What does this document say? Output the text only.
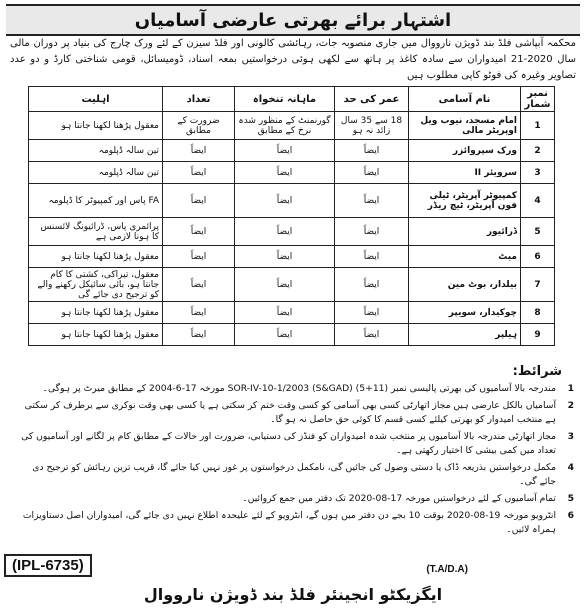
اشتہار برائے بھرتی عارضی آسامیاں
محکمہ آبپاشی فلڈ بند ڈویژن نارووال میں جاری منصوبہ جات، رہائشی کالونی اور فلڈ سیزن کے لئے ورک چارج کی بنیاد پر دوران مالی سال 2020-21 امیدواران سے سادہ کاغذ پر ہاتھ سے لکھی ہوئی درخواستیں بمعہ اسناد، ڈومیسائل، قومی شناختی کارڈ و دو عدد تصاویر وغیرہ کی فوٹو کاپی مطلوب ہیں
نمبر شمار	نام آسامی	عمر کی حد	ماہانہ تنخواہ	تعداد	اہلیت
1	امام مسجد، نیوب ویل اوپریٹر مالی	18 سے 35 سال زائد نہ ہو	گورنمنٹ کے منظور شدہ نرخ کے مطابق	ضرورت کے مطابق	معقول پڑھنا لکھنا جانتا ہو
2	ورک سپروائزر	ایضاً	ایضاً	ایضاً	تین سالہ ڈپلومہ
3	سرویئر II	ایضاً	ایضاً	ایضاً	تین سالہ ڈپلومہ
4	کمپیوٹر آپریٹر، ٹیلی فون آپریٹر، ٹیچ ریڈر	ایضاً	ایضاً	ایضاً	FA پاس اور کمپیوٹر کا ڈپلومہ
5	ڈرائیور	ایضاً	ایضاً	ایضاً	پرائمری پاس، ڈرائیونگ لائسنس کا ہونا لازمی ہے
6	میٹ	ایضاً	ایضاً	ایضاً	معقول پڑھنا لکھنا جانتا ہو
7	بیلدار، بوٹ مین	ایضاً	ایضاً	ایضاً	معقول، تیراکی، کشتی کا کام جانتا ہو، بائی سائیکل رکھنے والے کو ترجیح دی جائے گی
8	چوکیدار، سویپر	ایضاً	ایضاً	ایضاً	معقول پڑھنا لکھنا جانتا ہو
9	ہیلپر	ایضاً	ایضاً	ایضاً	معقول پڑھنا لکھنا جانتا ہو
شرائط:
1
مندرجہ بالا آسامیوں کی بھرتی پالیسی نمبر (11+5) (S&GAD) SOR-IV-10-1/2003 مورخہ 17-6-2004 کے مطابق میرٹ پر ہوگی۔
2
آسامیاں بالکل عارضی ہیں مجاز اتھارٹی کسی بھی آسامی کو کسی وقت ختم کر سکتی ہے یا کسی بھی وقت نوکری سے برطرف کر سکتی ہے منتخب امیدوار کو بھرتی کیلئے کسی قسم کا کوئی حق حاصل نہ ہو گا۔
3
مجاز اتھارٹی مندرجہ بالا آسامیوں پر منتخب شدہ امیدواران کو فنڈز کی دستیابی، ضرورت اور حالات کے مطابق کام پر لگانے اور آسامیوں کی تعداد میں کمی بیشی کا اختیار رکھتی ہے۔
4
مکمل درخواستیں بذریعہ ڈاک یا دستی وصول کی جائیں گی، نامکمل درخواستوں پر غور نہیں کیا جائے گا، قریب ترین رہائش کو ترجیح دی جائے گی۔
5
تمام آسامیوں کے لئے درخواستیں مورخہ 17-08-2020 تک دفتر میں جمع کروائیں۔
6
انٹرویو مورخہ 19-08-2020 بوقت 10 بجے دن دفتر میں ہوں گے، انٹرویو کے لئے علیحدہ اطلاع نہیں دی جائے گی، امیدواران اصل دستاویزات ہمراہ لائیں۔
(T.A/D.A)
(IPL-6735)
ایگزیکٹو انجینئر فلڈ بند ڈویژن نارووال
